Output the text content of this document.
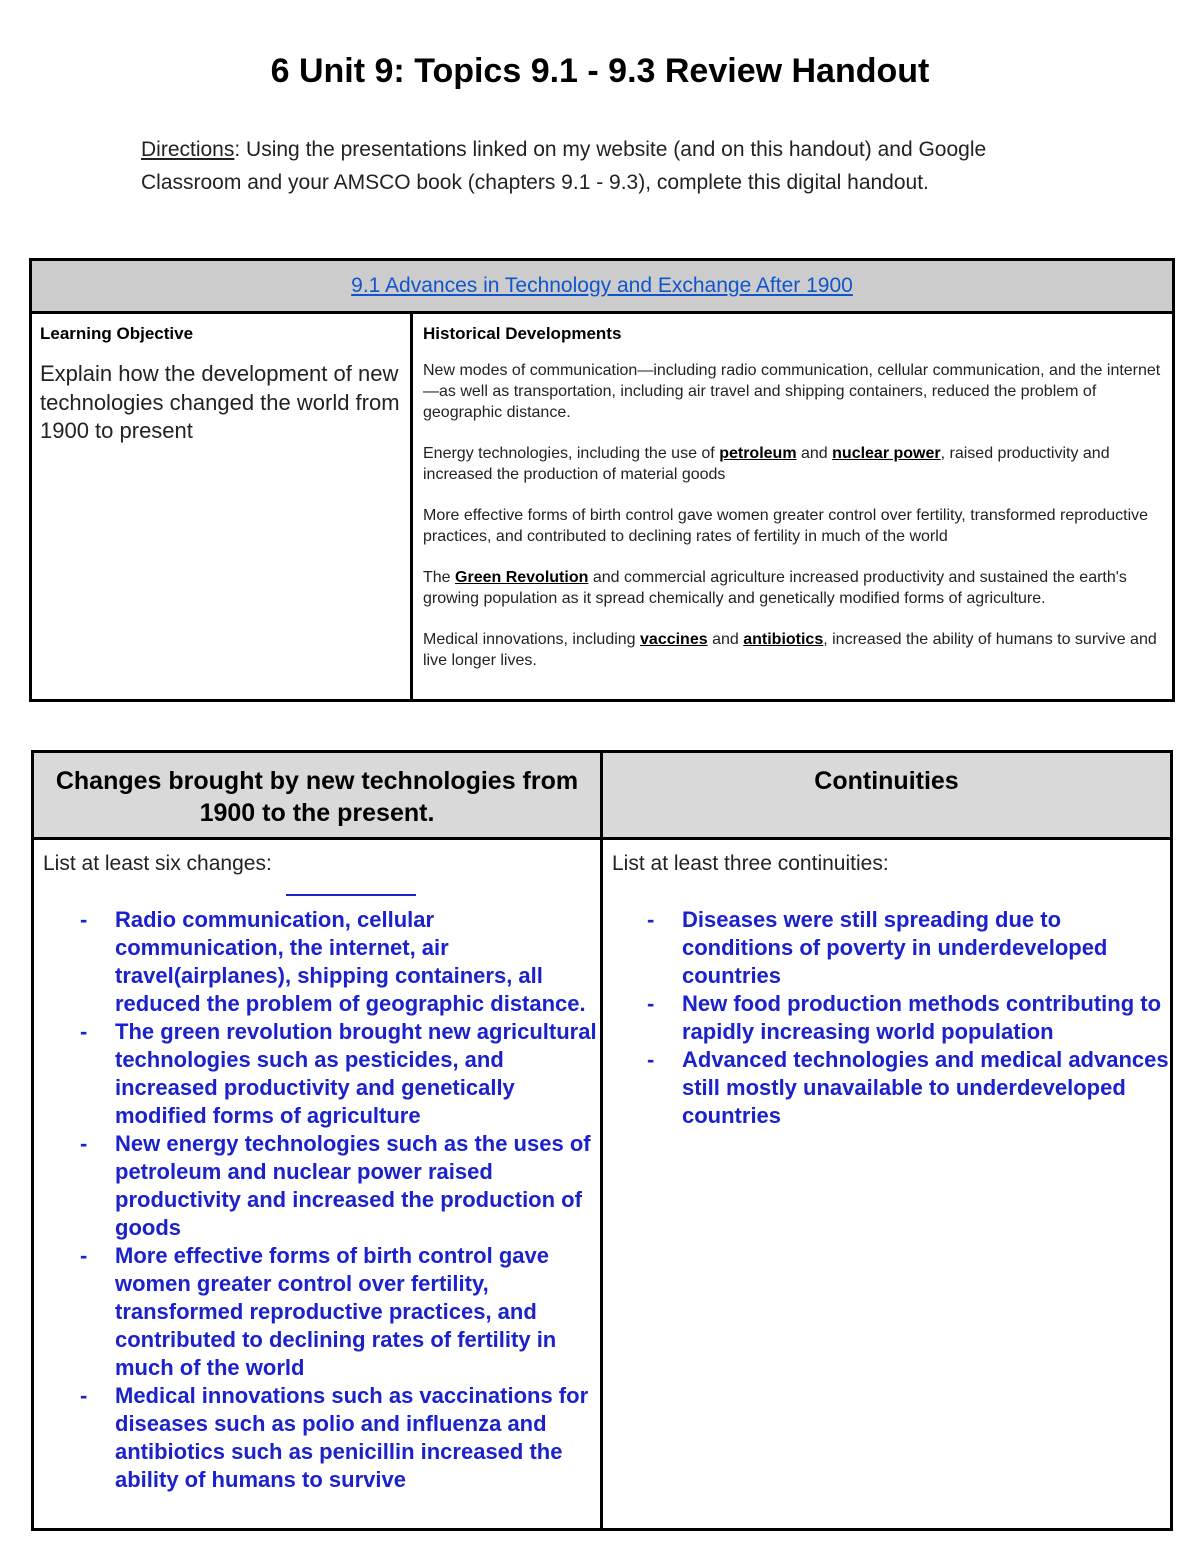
6 Unit 9: Topics 9.1 - 9.3 Review Handout
Directions: Using the presentations linked on my website (and on this handout) and Google Classroom and your AMSCO book (chapters 9.1 - 9.3), complete this digital handout.
9.1 Advances in Technology and Exchange After 1900
Learning Objective
Explain how the development of new technologies changed the world from 1900 to present
Historical Developments
New modes of communication—including radio communication, cellular communication, and the internet—as well as transportation, including air travel and shipping containers, reduced the problem of geographic distance.
Energy technologies, including the use of petroleum and nuclear power, raised productivity and increased the production of material goods
More effective forms of birth control gave women greater control over fertility, transformed reproductive practices, and contributed to declining rates of fertility in much of the world
The Green Revolution and commercial agriculture increased productivity and sustained the earth's growing population as it spread chemically and genetically modified forms of agriculture.
Medical innovations, including vaccines and antibiotics, increased the ability of humans to survive and live longer lives.
Changes brought by new technologies from 1900 to the present.
List at least six changes:
- Radio communication, cellular communication, the internet, air travel(airplanes), shipping containers, all reduced the problem of geographic distance.
- The green revolution brought new agricultural technologies such as pesticides, and increased productivity and genetically modified forms of agriculture
- New energy technologies such as the uses of petroleum and nuclear power raised productivity and increased the production of goods
- More effective forms of birth control gave women greater control over fertility, transformed reproductive practices, and contributed to declining rates of fertility in much of the world
- Medical innovations such as vaccinations for diseases such as polio and influenza and antibiotics such as penicillin increased the ability of humans to survive
Continuities
List at least three continuities:
- Diseases were still spreading due to conditions of poverty in underdeveloped countries
- New food production methods contributing to rapidly increasing world population
- Advanced technologies and medical advances still mostly unavailable to underdeveloped countries
